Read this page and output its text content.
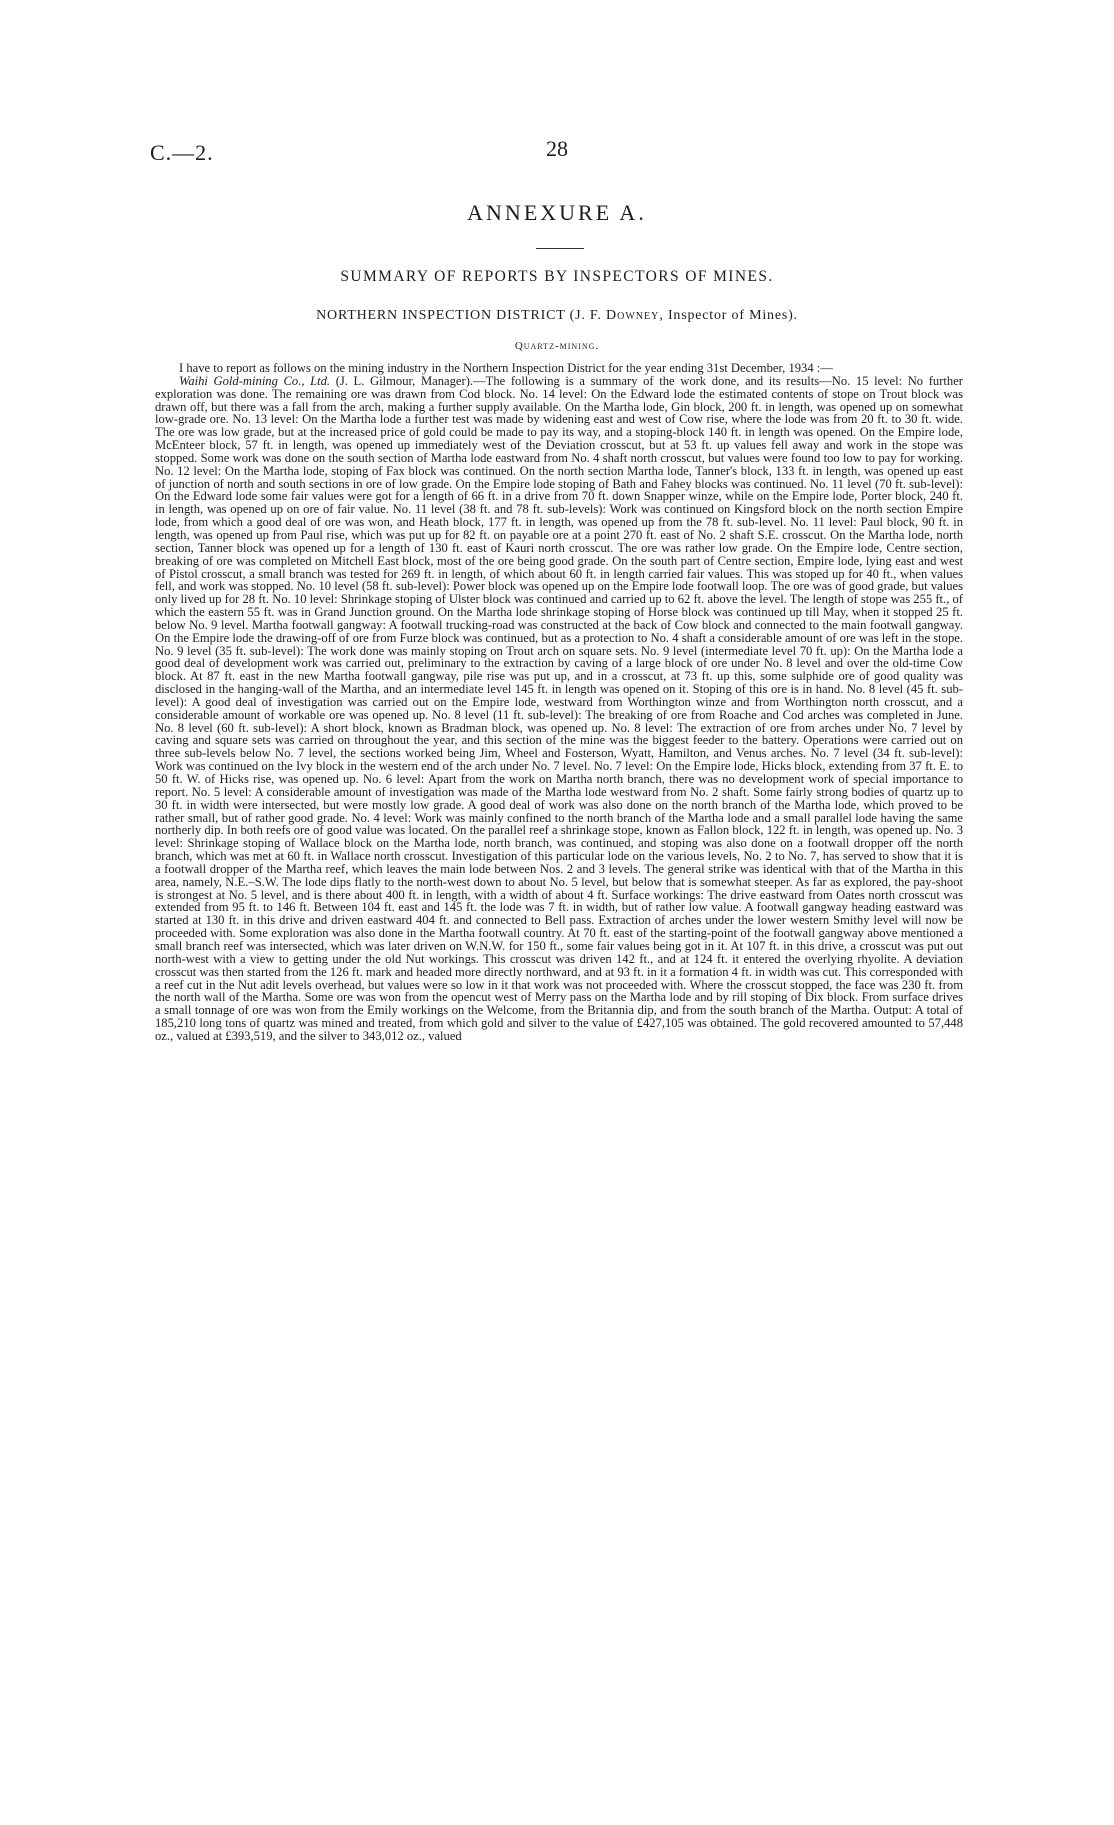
C.—2.	28
ANNEXURE A.
SUMMARY OF REPORTS BY INSPECTORS OF MINES.
NORTHERN INSPECTION DISTRICT (J. F. Downey, Inspector of Mines).
Quartz-mining.

I have to report as follows on the mining industry in the Northern Inspection District for the year ending 31st December, 1934 :—

Waihi Gold-mining Co., Ltd. (J. L. Gilmour, Manager).—The following is a summary of the work done, and its results—No. 15 level: No further exploration was done. The remaining ore was drawn from Cod block. No. 14 level: On the Edward lode the estimated contents of stope on Trout block was drawn off, but there was a fall from the arch, making a further supply available. On the Martha lode, Gin block, 200 ft. in length, was opened up on somewhat low-grade ore. No. 13 level: On the Martha lode a further test was made by widening east and west of Cow rise, where the lode was from 20 ft. to 30 ft. wide. The ore was low grade, but at the increased price of gold could be made to pay its way, and a stoping-block 140 ft. in length was opened. On the Empire lode, McEnteer block, 57 ft. in length, was opened up immediately west of the Deviation crosscut, but at 53 ft. up values fell away and work in the stope was stopped. Some work was done on the south section of Martha lode eastward from No. 4 shaft north crosscut, but values were found too low to pay for working. No. 12 level: On the Martha lode, stoping of Fax block was continued. On the north section Martha lode, Tanner's block, 133 ft. in length, was opened up east of junction of north and south sections in ore of low grade. On the Empire lode stoping of Bath and Fahey blocks was continued. No. 11 level (70 ft. sub-level): On the Edward lode some fair values were got for a length of 66 ft. in a drive from 70 ft. down Snapper winze, while on the Empire lode, Porter block, 240 ft. in length, was opened up on ore of fair value. No. 11 level (38 ft. and 78 ft. sub-levels): Work was continued on Kingsford block on the north section Empire lode, from which a good deal of ore was won, and Heath block, 177 ft. in length, was opened up from the 78 ft. sub-level. No. 11 level: Paul block, 90 ft. in length, was opened up from Paul rise, which was put up for 82 ft. on payable ore at a point 270 ft. east of No. 2 shaft S.E. crosscut. On the Martha lode, north section, Tanner block was opened up for a length of 130 ft. east of Kauri north crosscut. The ore was rather low grade. On the Empire lode, Centre section, breaking of ore was completed on Mitchell East block, most of the ore being good grade. On the south part of Centre section, Empire lode, lying east and west of Pistol crosscut, a small branch was tested for 269 ft. in length, of which about 60 ft. in length carried fair values. This was stoped up for 40 ft., when values fell, and work was stopped. No. 10 level (58 ft. sub-level): Power block was opened up on the Empire lode footwall loop. The ore was of good grade, but values only lived up for 28 ft. No. 10 level: Shrinkage stoping of Ulster block was continued and carried up to 62 ft. above the level. The length of stope was 255 ft., of which the eastern 55 ft. was in Grand Junction ground. On the Martha lode shrinkage stoping of Horse block was continued up till May, when it stopped 25 ft. below No. 9 level. Martha footwall gangway: A footwall trucking-road was constructed at the back of Cow block and connected to the main footwall gangway. On the Empire lode the drawing-off of ore from Furze block was continued, but as a protection to No. 4 shaft a considerable amount of ore was left in the stope. No. 9 level (35 ft. sub-level): The work done was mainly stoping on Trout arch on square sets. No. 9 level (intermediate level 70 ft. up): On the Martha lode a good deal of development work was carried out, preliminary to the extraction by caving of a large block of ore under No. 8 level and over the old-time Cow block. At 87 ft. east in the new Martha footwall gangway, pile rise was put up, and in a crosscut, at 73 ft. up this, some sulphide ore of good quality was disclosed in the hanging-wall of the Martha, and an intermediate level 145 ft. in length was opened on it. Stoping of this ore is in hand. No. 8 level (45 ft. sub-level): A good deal of investigation was carried out on the Empire lode, westward from Worthington winze and from Worthington north crosscut, and a considerable amount of workable ore was opened up. No. 8 level (11 ft. sub-level): The breaking of ore from Roache and Cod arches was completed in June. No. 8 level (60 ft. sub-level): A short block, known as Bradman block, was opened up. No. 8 level: The extraction of ore from arches under No. 7 level by caving and square sets was carried on throughout the year, and this section of the mine was the biggest feeder to the battery. Operations were carried out on three sub-levels below No. 7 level, the sections worked being Jim, Wheel and Fosterson, Wyatt, Hamilton, and Venus arches. No. 7 level (34 ft. sub-level): Work was continued on the Ivy block in the western end of the arch under No. 7 level. No. 7 level: On the Empire lode, Hicks block, extending from 37 ft. E. to 50 ft. W. of Hicks rise, was opened up. No. 6 level: Apart from the work on Martha north branch, there was no development work of special importance to report. No. 5 level: A considerable amount of investigation was made of the Martha lode westward from No. 2 shaft. Some fairly strong bodies of quartz up to 30 ft. in width were intersected, but were mostly low grade. A good deal of work was also done on the north branch of the Martha lode, which proved to be rather small, but of rather good grade. No. 4 level: Work was mainly confined to the north branch of the Martha lode and a small parallel lode having the same northerly dip. In both reefs ore of good value was located. On the parallel reef a shrinkage stope, known as Fallon block, 122 ft. in length, was opened up. No. 3 level: Shrinkage stoping of Wallace block on the Martha lode, north branch, was continued, and stoping was also done on a footwall dropper off the north branch, which was met at 60 ft. in Wallace north crosscut. Investigation of this particular lode on the various levels, No. 2 to No. 7, has served to show that it is a footwall dropper of the Martha reef, which leaves the main lode between Nos. 2 and 3 levels. The general strike was identical with that of the Martha in this area, namely, N.E.–S.W. The lode dips flatly to the north-west down to about No. 5 level, but below that is somewhat steeper. As far as explored, the pay-shoot is strongest at No. 5 level, and is there about 400 ft. in length, with a width of about 4 ft. Surface workings: The drive eastward from Oates north crosscut was extended from 95 ft. to 146 ft. Between 104 ft. east and 145 ft. the lode was 7 ft. in width, but of rather low value. A footwall gangway heading eastward was started at 130 ft. in this drive and driven eastward 404 ft. and connected to Bell pass. Extraction of arches under the lower western Smithy level will now be proceeded with. Some exploration was also done in the Martha footwall country. At 70 ft. east of the starting-point of the footwall gangway above mentioned a small branch reef was intersected, which was later driven on W.N.W. for 150 ft., some fair values being got in it. At 107 ft. in this drive, a crosscut was put out north-west with a view to getting under the old Nut workings. This crosscut was driven 142 ft., and at 124 ft. it entered the overlying rhyolite. A deviation crosscut was then started from the 126 ft. mark and headed more directly northward, and at 93 ft. in it a formation 4 ft. in width was cut. This corresponded with a reef cut in the Nut adit levels overhead, but values were so low in it that work was not proceeded with. Where the crosscut stopped, the face was 230 ft. from the north wall of the Martha. Some ore was won from the opencut west of Merry pass on the Martha lode and by rill stoping of Dix block. From surface drives a small tonnage of ore was won from the Emily workings on the Welcome, from the Britannia dip, and from the south branch of the Martha. Output: A total of 185,210 long tons of quartz was mined and treated, from which gold and silver to the value of £427,105 was obtained. The gold recovered amounted to 57,448 oz., valued at £393,519, and the silver to 343,012 oz., valued
